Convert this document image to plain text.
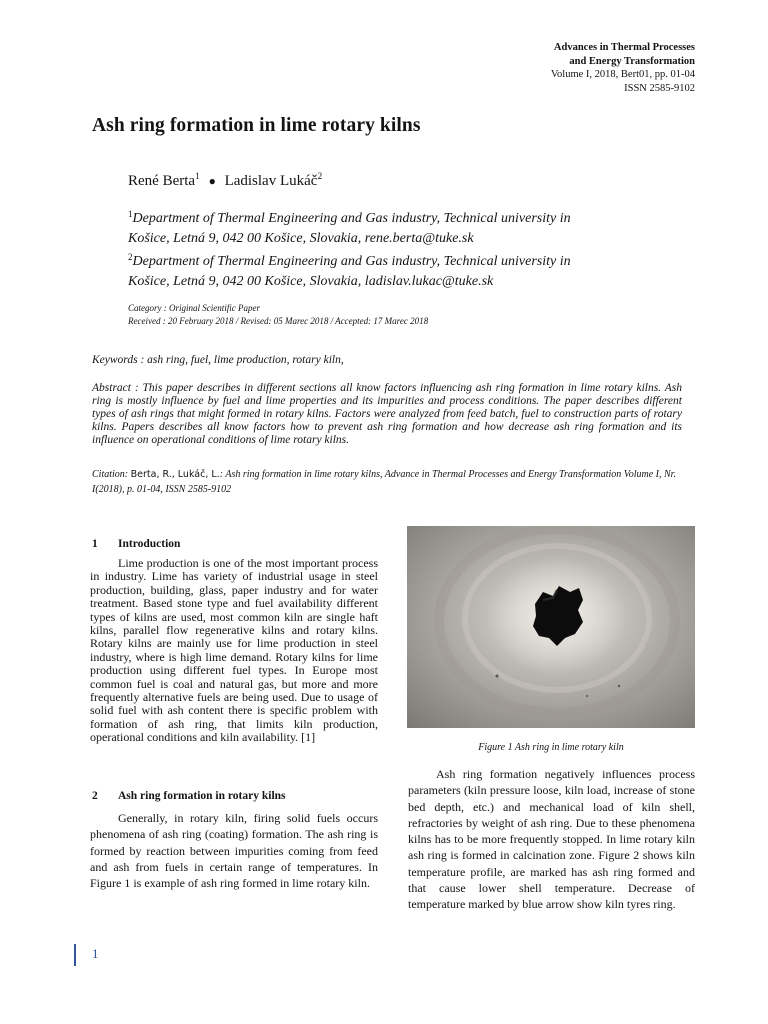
Advances in Thermal Processes
and Energy Transformation
Volume I, 2018, Bert01, pp. 01-04
ISSN 2585-9102
Ash ring formation in lime rotary kilns
René Berta$^1$ ● Ladislav Lukáč$^2$

$^1$Department of Thermal Engineering and Gas industry, Technical university in Košice, Letná 9, 042 00 Košice, Slovakia, rene.berta@tuke.sk

$^2$Department of Thermal Engineering and Gas industry, Technical university in Košice, Letná 9, 042 00 Košice, Slovakia, ladislav.lukac@tuke.sk

Category : Original Scientific Paper
Received : 20 February 2018 / Revised: 05 Marec 2018 / Accepted: 17 Marec 2018
Keywords : ash ring, fuel, lime production, rotary kiln,

Abstract : This paper describes in different sections all know factors influencing ash ring formation in lime rotary kilns. Ash ring is mostly influence by fuel and lime properties and its impurities and process conditions. The paper describes different types of ash rings that might formed in rotary kilns. Factors were analyzed from feed batch, fuel to construction parts of rotary kilns. Papers describes all know factors how to prevent ash ring formation and how decrease ash ring formation and its influence on operational conditions of lime rotary kilns.

Citation: Berta, R., Lukáč, L.: Ash ring formation in lime rotary kilns, Advance in Thermal Processes and Energy Transformation Volume I, Nr. I(2018), p. 01-04, ISSN 2585-9102

1 Introduction

Lime production is one of the most important process in industry. Lime has variety of industrial usage in steel production, building, glass, paper industry and for water treatment. Based stone type and fuel availability different types of kilns are used, most common kiln are single haft kilns, parallel flow regenerative kilns and rotary kilns. Rotary kilns are mainly use for lime production in steel industry, where is high lime demand. Rotary kilns for lime production using different fuel types. In Europe most common fuel is coal and natural gas, but more and more frequently alternative fuels are being used. Due to usage of solid fuel with ash content there is specific problem with formation of ash ring, that limits kiln production, operational conditions and kiln availability. [1]

2 Ash ring formation in rotary kilns

Generally, in rotary kiln, firing solid fuels occurs phenomena of ash ring (coating) formation. The ash ring is formed by reaction between impurities coming from feed and ash from fuels in certain range of temperatures. In Figure 1 is example of ash ring formed in lime rotary kiln.

Figure 1 Ash ring in lime rotary kiln

Ash ring formation negatively influences process parameters (kiln pressure loose, kiln load, increase of stone bed depth, etc.) and mechanical load of kiln shell, refractories by weight of ash ring. Due to these phenomena kilns has to be more frequently stopped. In lime rotary kiln ash ring is formed in calcination zone. Figure 2 shows kiln temperature profile, are marked has ash ring formed and that cause lower shell temperature. Decrease of temperature marked by blue arrow show kiln tyres ring.

1
